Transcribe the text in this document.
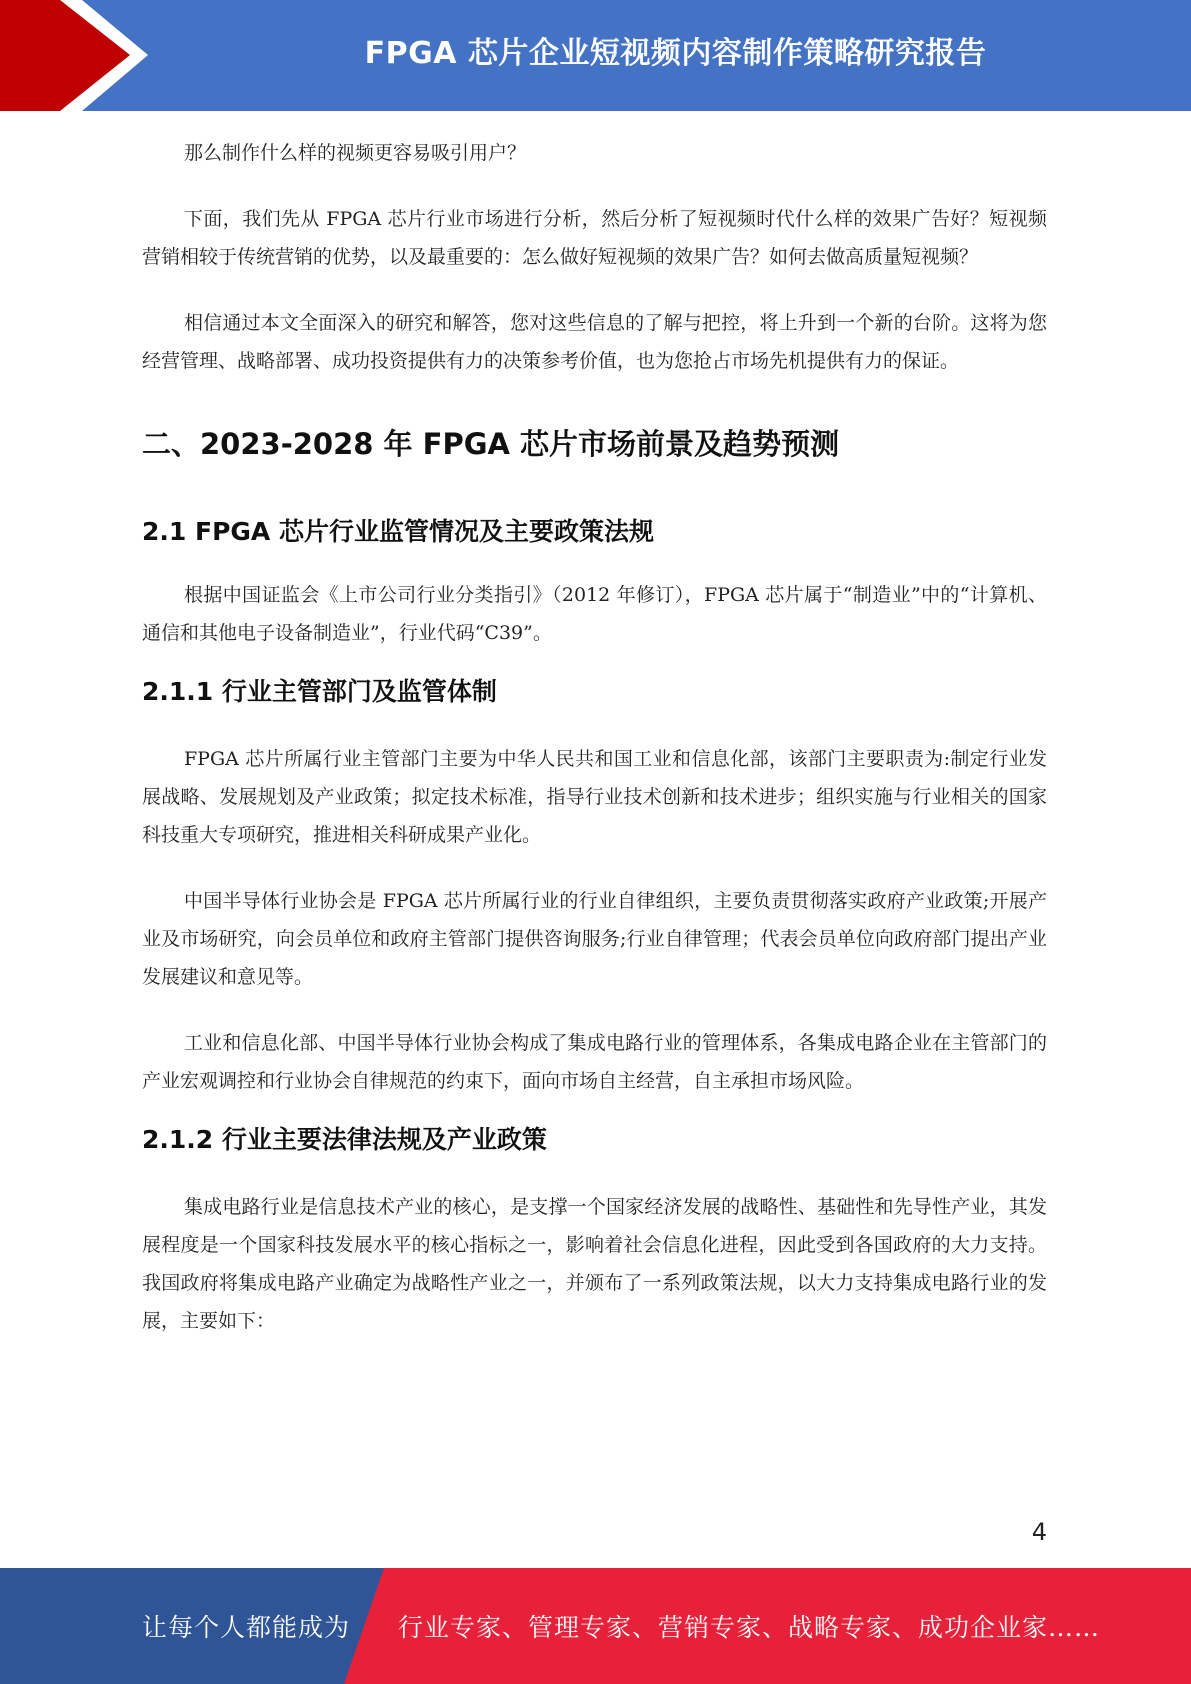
FPGA 芯片企业短视频内容制作策略研究报告

那么制作什么样的视频更容易吸引用户？

下面，我们先从 FPGA 芯片行业市场进行分析，然后分析了短视频时代什么样的效果广告好？短视频营销相较于传统营销的优势，以及最重要的：怎么做好短视频的效果广告？如何去做高质量短视频？

相信通过本文全面深入的研究和解答，您对这些信息的了解与把控，将上升到一个新的台阶。这将为您经营管理、战略部署、成功投资提供有力的决策参考价值，也为您抢占市场先机提供有力的保证。

二、2023-2028 年 FPGA 芯片市场前景及趋势预测
2.1 FPGA 芯片行业监管情况及主要政策法规

根据中国证监会《上市公司行业分类指引》（2012 年修订），FPGA 芯片属于“制造业”中的“计算机、通信和其他电子设备制造业”，行业代码“C39”。

2.1.1 行业主管部门及监管体制

FPGA 芯片所属行业主管部门主要为中华人民共和国工业和信息化部，该部门主要职责为:制定行业发展战略、发展规划及产业政策；拟定技术标准，指导行业技术创新和技术进步；组织实施与行业相关的国家科技重大专项研究，推进相关科研成果产业化。

中国半导体行业协会是 FPGA 芯片所属行业的行业自律组织，主要负责贯彻落实政府产业政策;开展产业及市场研究，向会员单位和政府主管部门提供咨询服务;行业自律管理；代表会员单位向政府部门提出产业发展建议和意见等。

工业和信息化部、中国半导体行业协会构成了集成电路行业的管理体系，各集成电路企业在主管部门的产业宏观调控和行业协会自律规范的约束下，面向市场自主经营，自主承担市场风险。

2.1.2 行业主要法律法规及产业政策

集成电路行业是信息技术产业的核心，是支撑一个国家经济发展的战略性、基础性和先导性产业，其发展程度是一个国家科技发展水平的核心指标之一，影响着社会信息化进程，因此受到各国政府的大力支持。我国政府将集成电路产业确定为战略性产业之一，并颁布了一系列政策法规，以大力支持集成电路行业的发展，主要如下：

4
让每个人都能成为 行业专家、管理专家、营销专家、战略专家、成功企业家……
